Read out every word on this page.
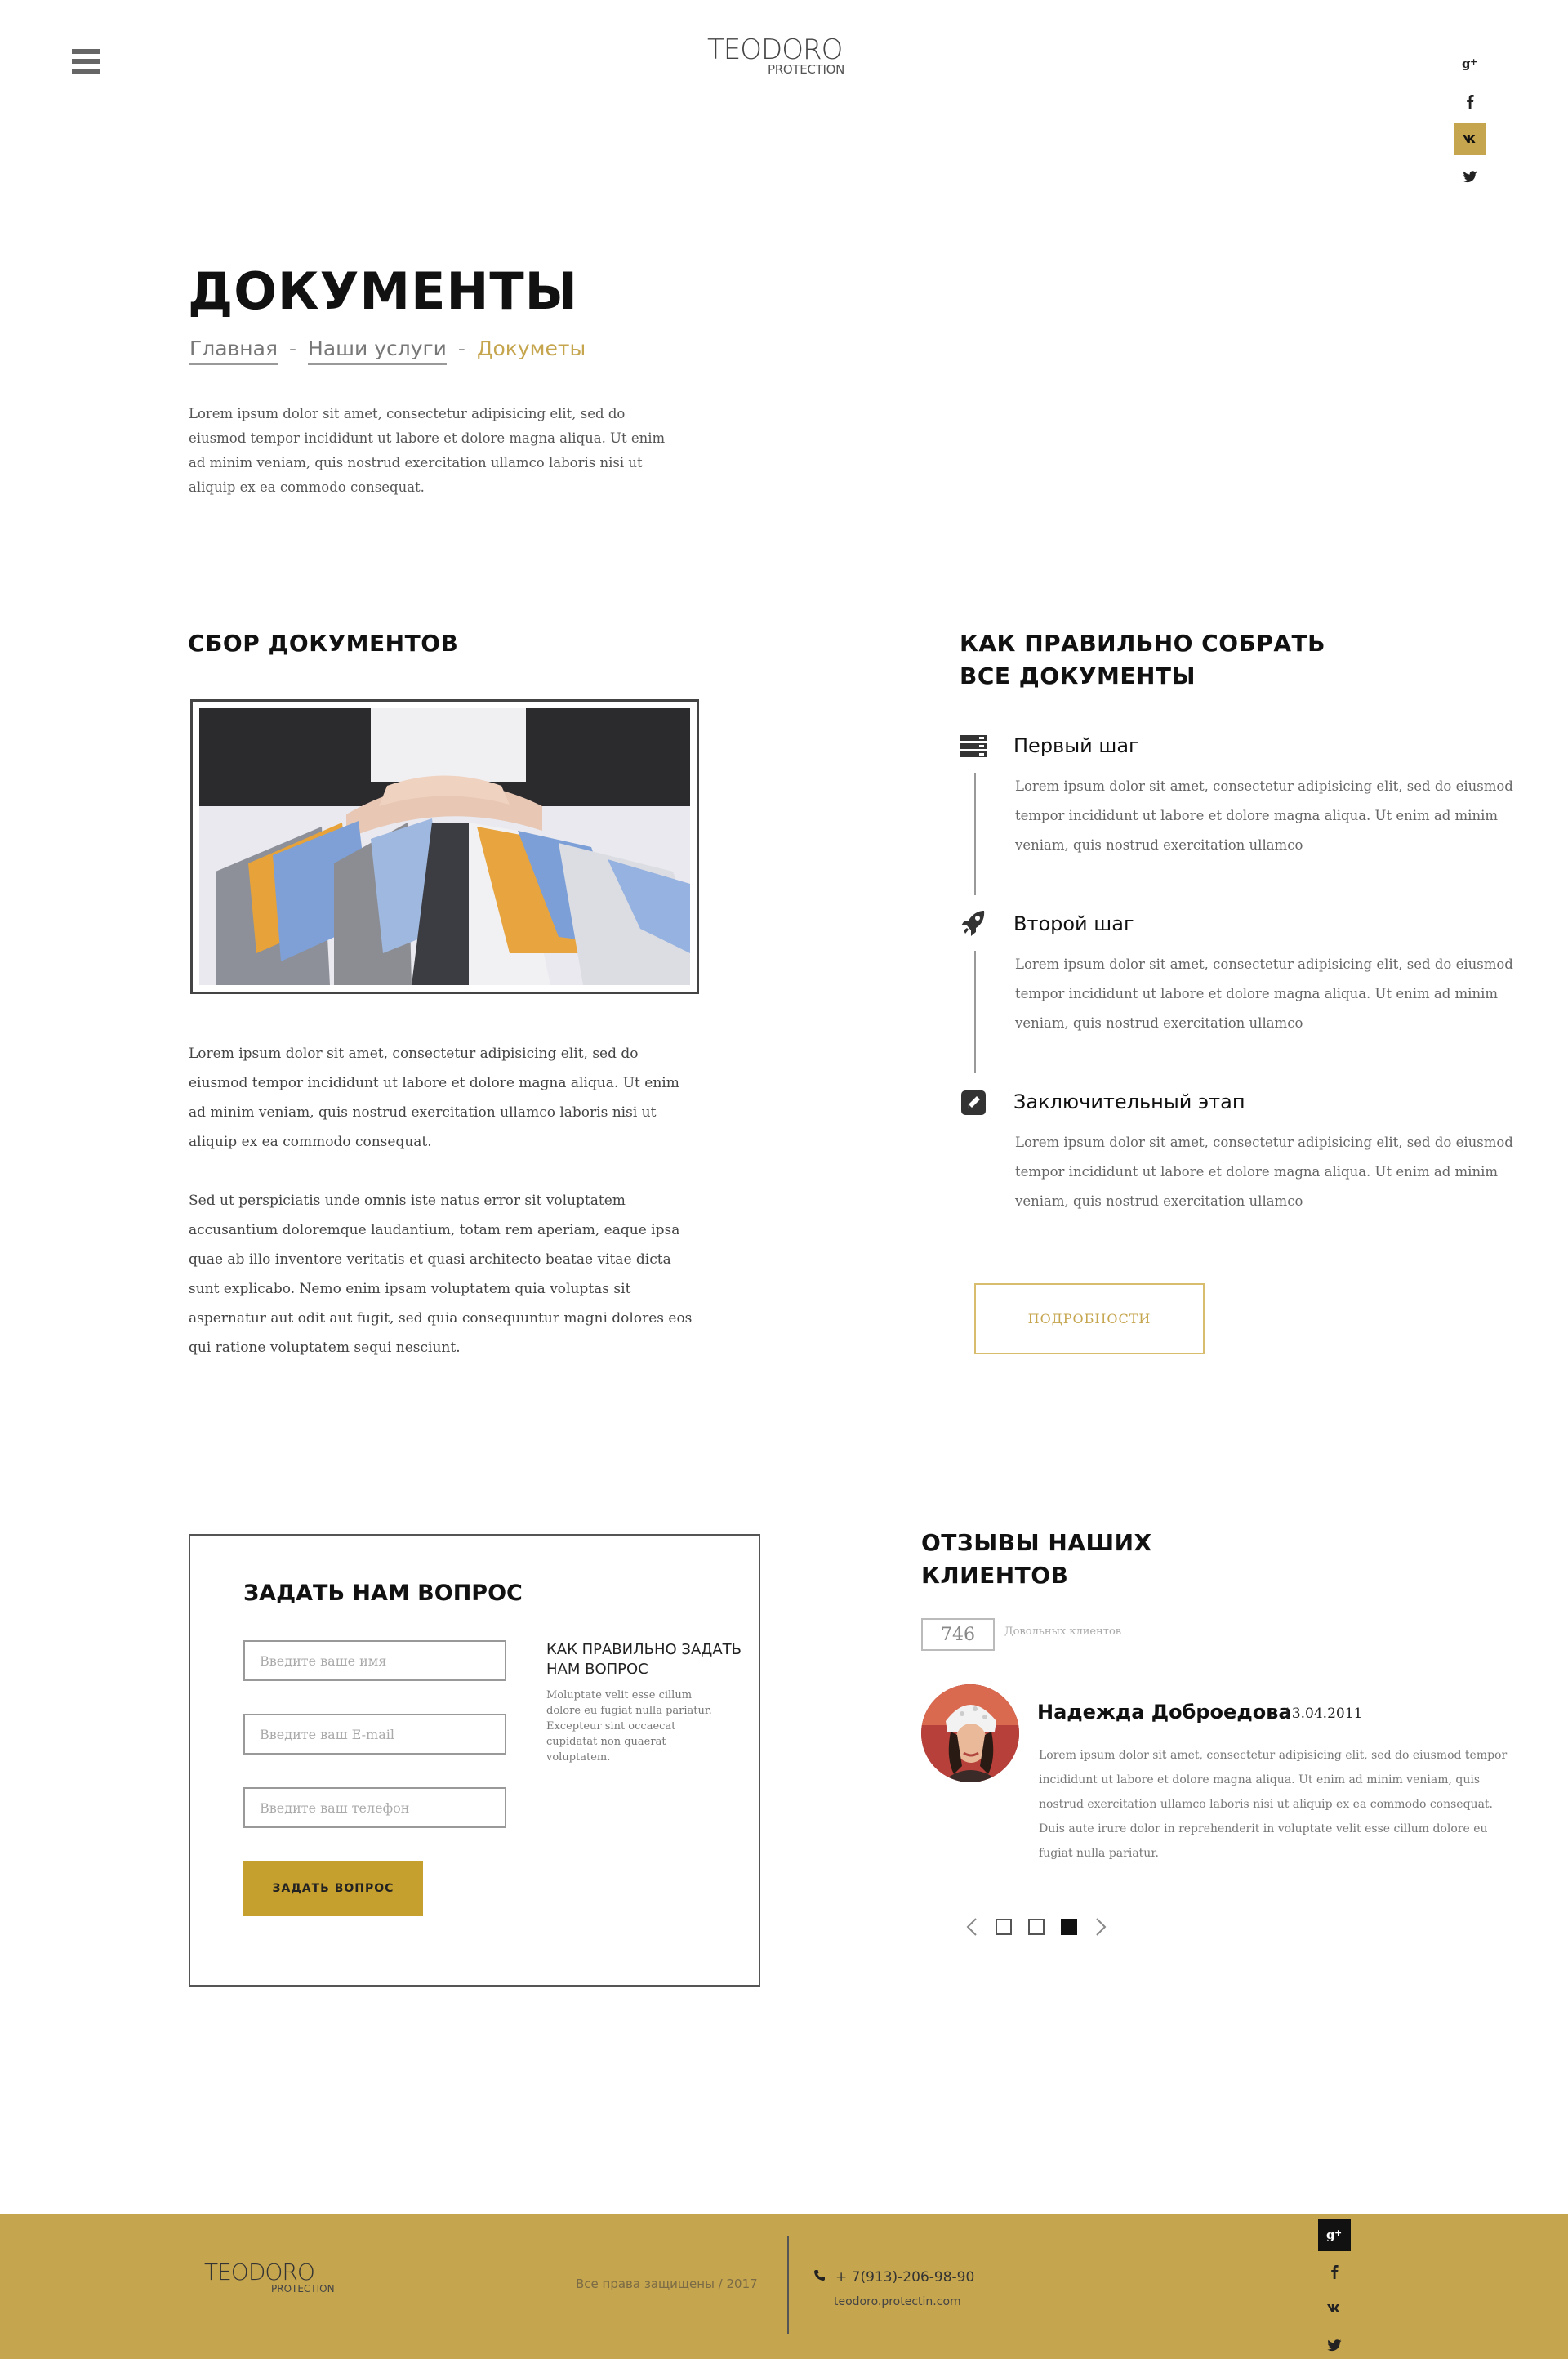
TEODORO
PROTECTION	g +
ДОКУМЕНТЫ
Главная - Наши услуги - Докуметы
Lorem ipsum dolor sit amet, consectetur adipisicing elit, sed do eiusmod tempor incididunt ut labore et dolore magna aliqua. Ut enim ad minim veniam, quis nostrud exercitation ullamco laboris nisi ut aliquip ex ea commodo consequat.
СБОР ДОКУМЕНТОВ
Lorem ipsum dolor sit amet, consectetur adipisicing elit, sed do eiusmod tempor incididunt ut labore et dolore magna aliqua. Ut enim ad minim veniam, quis nostrud exercitation ullamco laboris nisi ut aliquip ex ea commodo consequat.
Sed ut perspiciatis unde omnis iste natus error sit voluptatem accusantium doloremque laudantium, totam rem aperiam, eaque ipsa quae ab illo inventore veritatis et quasi architecto beatae vitae dicta sunt explicabo. Nemo enim ipsam voluptatem quia voluptas sit aspernatur aut odit aut fugit, sed quia consequuntur magni dolores eos qui ratione voluptatem sequi nesciunt.
КАК ПРАВИЛЬНО СОБРАТЬ
ВСЕ ДОКУМЕНТЫ
Первый шаг
Lorem ipsum dolor sit amet, consectetur adipisicing elit, sed do eiusmod tempor incididunt ut labore et dolore magna aliqua. Ut enim ad minim veniam, quis nostrud exercitation ullamco
Второй шаг
Lorem ipsum dolor sit amet, consectetur adipisicing elit, sed do eiusmod tempor incididunt ut labore et dolore magna aliqua. Ut enim ad minim veniam, quis nostrud exercitation ullamco
Заключительный этап
Lorem ipsum dolor sit amet, consectetur adipisicing elit, sed do eiusmod tempor incididunt ut labore et dolore magna aliqua. Ut enim ad minim veniam, quis nostrud exercitation ullamco
ПОДРОБНОСТИ
ЗАДАТЬ НАМ ВОПРОС
Введите ваше имя
Введите ваш E-mail
Введите ваш телефон
ЗАДАТЬ ВОПРОС
КАК ПРАВИЛЬНО ЗАДАТЬ НАМ ВОПРОС
Moluptate velit esse cillum dolore eu fugiat nulla pariatur. Excepteur sint occaecat cupidatat non quaerat voluptatem.
ОТЗЫВЫ НАШИХ
КЛИЕНТОВ
746	Довольных клиентов
Надежда Доброедова
13.04.2011
Lorem ipsum dolor sit amet, consectetur adipisicing elit, sed do eiusmod tempor incididunt ut labore et dolore magna aliqua. Ut enim ad minim veniam, quis nostrud exercitation ullamco laboris nisi ut aliquip ex ea commodo consequat. Duis aute irure dolor in reprehenderit in voluptate velit esse cillum dolore eu fugiat nulla pariatur.
TEODORO
PROTECTION	Все права защищены / 2017	+ 7(913)-206-98-90
teodoro.protectin.com
g +
